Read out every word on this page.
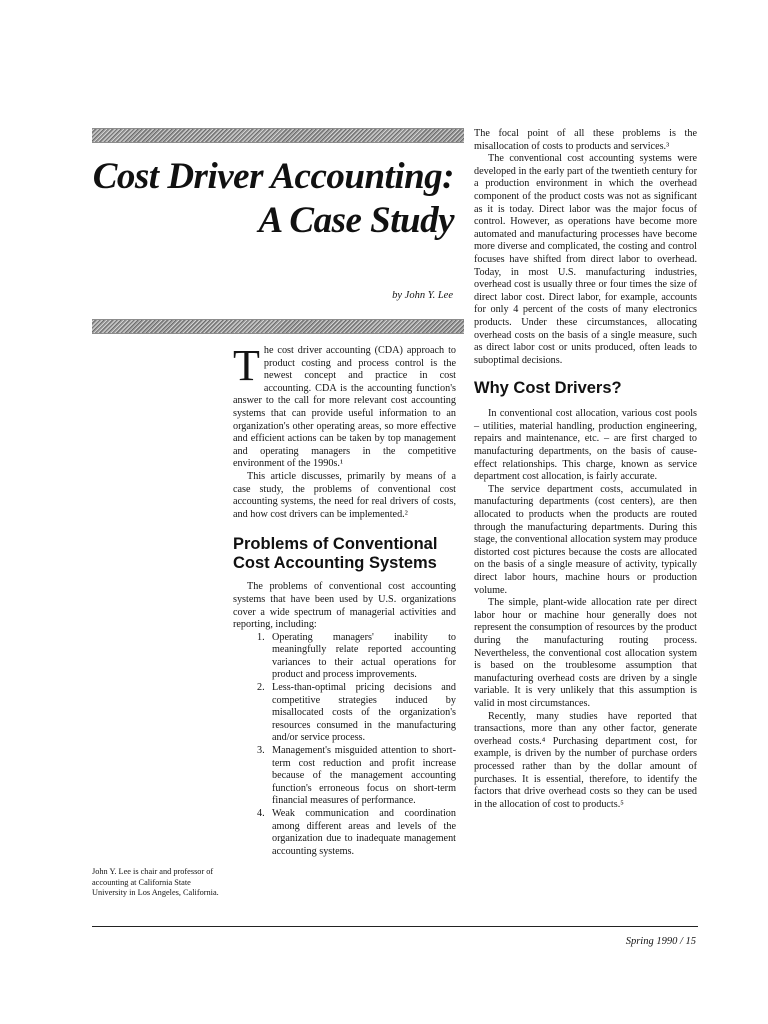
Cost Driver Accounting: A Case Study

by John Y. Lee

The cost driver accounting (CDA) approach to product costing and process control is the newest concept and practice in cost accounting. CDA is the accounting function's answer to the call for more relevant cost accounting systems that can provide useful information to an organization's other operating areas, so more effective and efficient actions can be taken by top management and operating managers in the competitive environment of the 1990s.¹

This article discusses, primarily by means of a case study, the problems of conventional cost accounting systems, the need for real drivers of costs, and how cost drivers can be implemented.²

Problems of Conventional Cost Accounting Systems

The problems of conventional cost accounting systems that have been used by U.S. organizations cover a wide spectrum of managerial activities and reporting, including:

1. Operating managers' inability to meaningfully relate reported accounting variances to their actual operations for product and process improvements.
2. Less-than-optimal pricing decisions and competitive strategies induced by misallocated costs of the organization's resources consumed in the manufacturing and/or service process.
3. Management's misguided attention to short-term cost reduction and profit increase because of the management accounting function's erroneous focus on short-term financial measures of performance.
4. Weak communication and coordination among different areas and levels of the organization due to inadequate management accounting systems.

The focal point of all these problems is the misallocation of costs to products and services.³

The conventional cost accounting systems were developed in the early part of the twentieth century for a production environment in which the overhead component of the product costs was not as significant as it is today. Direct labor was the major focus of control. However, as operations have become more automated and manufacturing processes have become more diverse and complicated, the costing and control focuses have shifted from direct labor to overhead. Today, in most U.S. manufacturing industries, overhead cost is usually three or four times the size of direct labor cost. Direct labor, for example, accounts for only 4 percent of the costs of many electronics products. Under these circumstances, allocating overhead costs on the basis of a single measure, such as direct labor cost or units produced, often leads to suboptimal decisions.

Why Cost Drivers?

In conventional cost allocation, various cost pools – utilities, material handling, production engineering, repairs and maintenance, etc. – are first charged to manufacturing departments, on the basis of cause-effect relationships. This charge, known as service department cost allocation, is fairly accurate.

The service department costs, accumulated in manufacturing departments (cost centers), are then allocated to products when the products are routed through the manufacturing departments. During this stage, the conventional allocation system may produce distorted cost pictures because the costs are allocated on the basis of a single measure of activity, typically direct labor hours, machine hours or production volume.

The simple, plant-wide allocation rate per direct labor hour or machine hour generally does not represent the consumption of resources by the product during the manufacturing routing process. Nevertheless, the conventional cost allocation system is based on the troublesome assumption that manufacturing overhead costs are driven by a single variable. It is very unlikely that this assumption is valid in most circumstances.

Recently, many studies have reported that transactions, more than any other factor, generate overhead costs.⁴ Purchasing department cost, for example, is driven by the number of purchase orders processed rather than by the dollar amount of purchases. It is essential, therefore, to identify the factors that drive overhead costs so they can be used in the allocation of cost to products.⁵

John Y. Lee is chair and professor of accounting at California State University in Los Angeles, California.

Spring 1990 / 15
